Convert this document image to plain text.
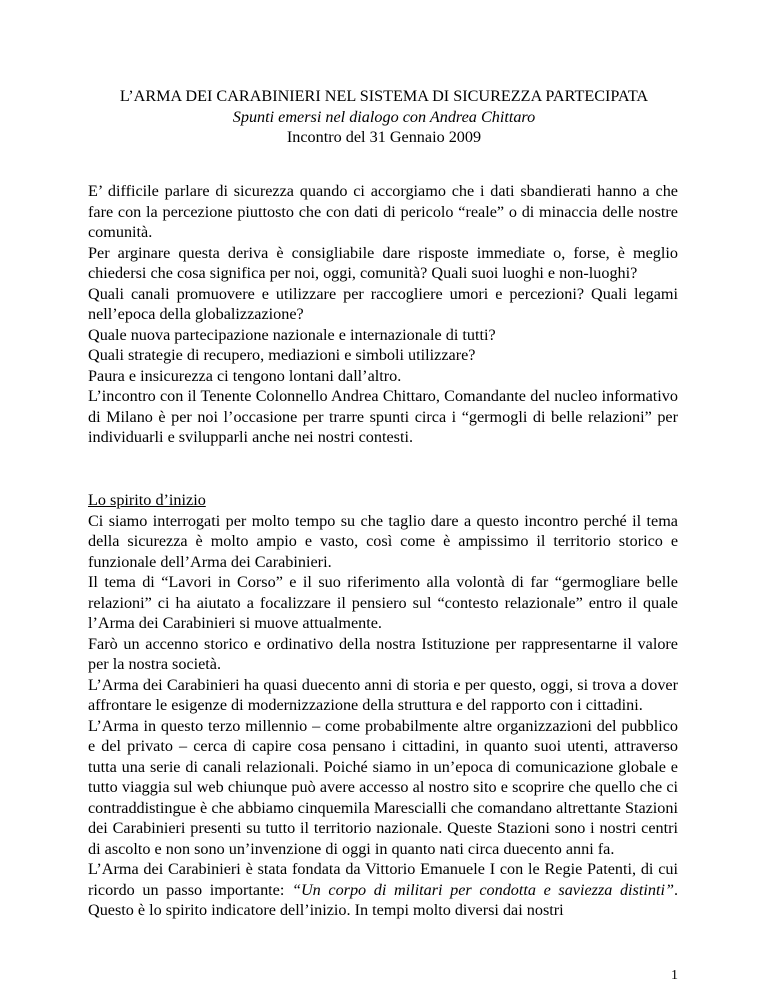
L’ARMA DEI CARABINIERI NEL SISTEMA DI SICUREZZA PARTECIPATA
Spunti emersi nel dialogo con Andrea Chittaro
Incontro del 31 Gennaio 2009

E’ difficile parlare di sicurezza quando ci accorgiamo che i dati sbandierati hanno a che fare con la percezione piuttosto che con dati di pericolo “reale” o di minaccia delle nostre comunità.

Per arginare questa deriva è consigliabile dare risposte immediate o, forse, è meglio chiedersi che cosa significa per noi, oggi, comunità? Quali suoi luoghi e non-luoghi?

Quali canali promuovere e utilizzare per raccogliere umori e percezioni? Quali legami nell’epoca della globalizzazione?

Quale nuova partecipazione nazionale e internazionale di tutti?

Quali strategie di recupero, mediazioni e simboli utilizzare?

Paura e insicurezza ci tengono lontani dall’altro.

L’incontro con il Tenente Colonnello Andrea Chittaro, Comandante del nucleo informativo di Milano è per noi l’occasione per trarre spunti circa i “germogli di belle relazioni” per individuarli e svilupparli anche nei nostri contesti.

Lo spirito d’inizio

Ci siamo interrogati per molto tempo su che taglio dare a questo incontro perché il tema della sicurezza è molto ampio e vasto, così come è ampissimo il territorio storico e funzionale dell’Arma dei Carabinieri.

Il tema di “Lavori in Corso” e il suo riferimento alla volontà di far “germogliare belle relazioni” ci ha aiutato a focalizzare il pensiero sul “contesto relazionale” entro il quale l’Arma dei Carabinieri si muove attualmente.

Farò un accenno storico e ordinativo della nostra Istituzione per rappresentarne il valore per la nostra società.

L’Arma dei Carabinieri ha quasi duecento anni di storia e per questo, oggi, si trova a dover affrontare le esigenze di modernizzazione della struttura e del rapporto con i cittadini.

L’Arma in questo terzo millennio – come probabilmente altre organizzazioni del pubblico e del privato – cerca di capire cosa pensano i cittadini, in quanto suoi utenti, attraverso tutta una serie di canali relazionali. Poiché siamo in un’epoca di comunicazione globale e tutto viaggia sul web chiunque può avere accesso al nostro sito e scoprire che quello che ci contraddistingue è che abbiamo cinquemila Marescialli che comandano altrettante Stazioni dei Carabinieri presenti su tutto il territorio nazionale. Queste Stazioni sono i nostri centri di ascolto e non sono un’invenzione di oggi in quanto nati circa duecento anni fa.

L’Arma dei Carabinieri è stata fondata da Vittorio Emanuele I con le Regie Patenti, di cui ricordo un passo importante: “Un corpo di militari per condotta e saviezza distinti”. Questo è lo spirito indicatore dell’inizio. In tempi molto diversi dai nostri

1
